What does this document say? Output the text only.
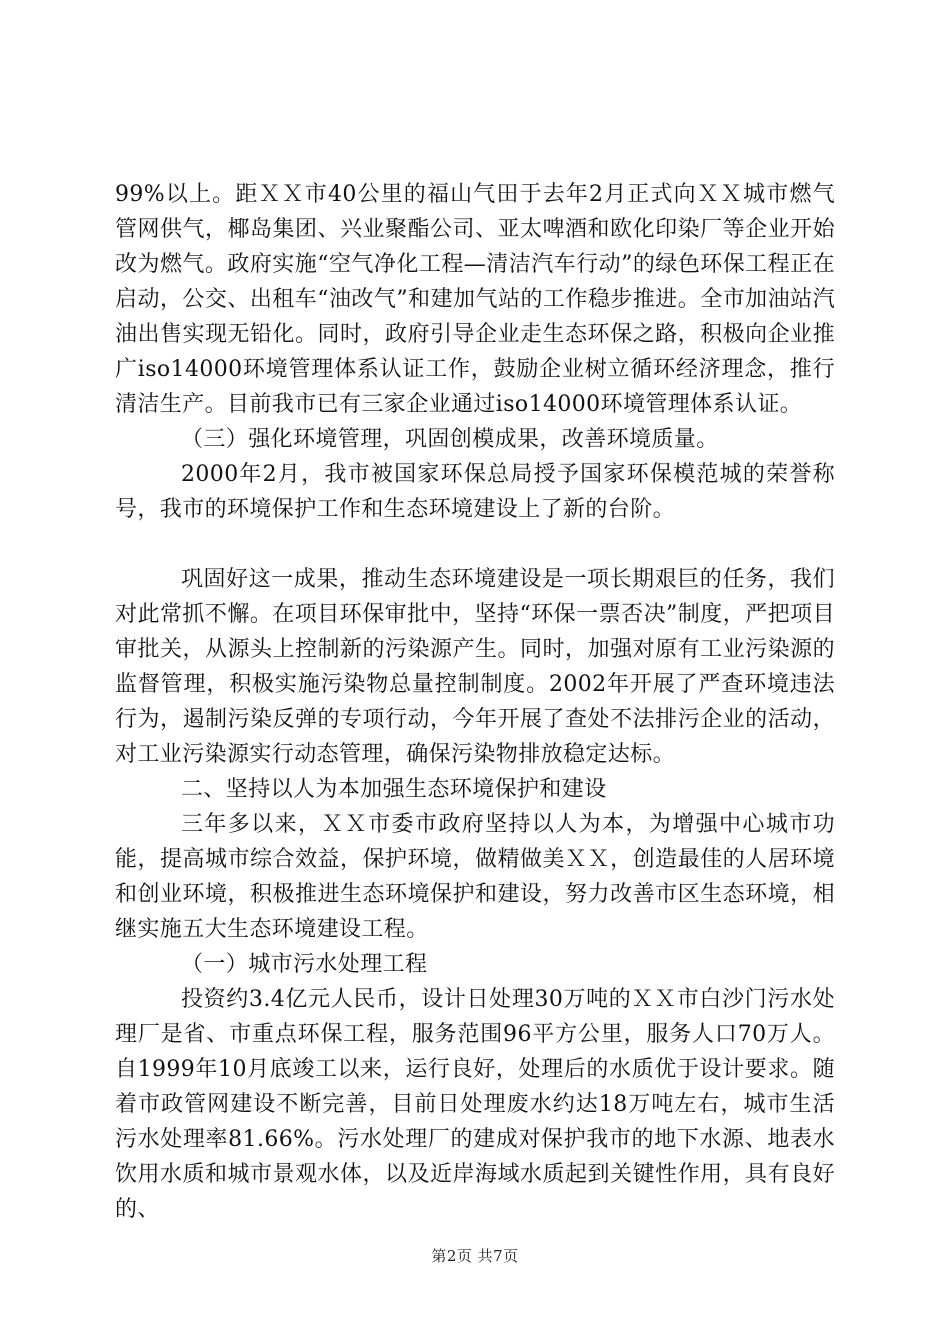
99%以上。距ＸＸ市40公里的福山气田于去年2月正式向ＸＸ城市燃气管网供气，椰岛集团、兴业聚酯公司、亚太啤酒和欧化印染厂等企业开始改为燃气。政府实施“空气净化工程—清洁汽车行动”的绿色环保工程正在启动，公交、出租车“油改气”和建加气站的工作稳步推进。全市加油站汽油出售实现无铅化。同时，政府引导企业走生态环保之路，积极向企业推广iso14000环境管理体系认证工作，鼓励企业树立循环经济理念，推行清洁生产。目前我市已有三家企业通过iso14000环境管理体系认证。

（三）强化环境管理，巩固创模成果，改善环境质量。

2000年2月，我市被国家环保总局授予国家环保模范城的荣誉称号，我市的环境保护工作和生态环境建设上了新的台阶。

巩固好这一成果，推动生态环境建设是一项长期艰巨的任务，我们对此常抓不懈。在项目环保审批中，坚持“环保一票否决”制度，严把项目审批关，从源头上控制新的污染源产生。同时，加强对原有工业污染源的监督管理，积极实施污染物总量控制制度。2002年开展了严查环境违法行为，遏制污染反弹的专项行动，今年开展了查处不法排污企业的活动，对工业污染源实行动态管理，确保污染物排放稳定达标。

二、坚持以人为本加强生态环境保护和建设

三年多以来，ＸＸ市委市政府坚持以人为本，为增强中心城市功能，提高城市综合效益，保护环境，做精做美ＸＸ，创造最佳的人居环境和创业环境，积极推进生态环境保护和建设，努力改善市区生态环境，相继实施五大生态环境建设工程。

（一）城市污水处理工程

投资约3.4亿元人民币，设计日处理30万吨的ＸＸ市白沙门污水处理厂是省、市重点环保工程，服务范围96平方公里，服务人口70万人。自1999年10月底竣工以来，运行良好，处理后的水质优于设计要求。随着市政管网建设不断完善，目前日处理废水约达18万吨左右，城市生活污水处理率81.66%。污水处理厂的建成对保护我市的地下水源、地表水饮用水质和城市景观水体，以及近岸海域水质起到关键性作用，具有良好的、

第2页 共7页
